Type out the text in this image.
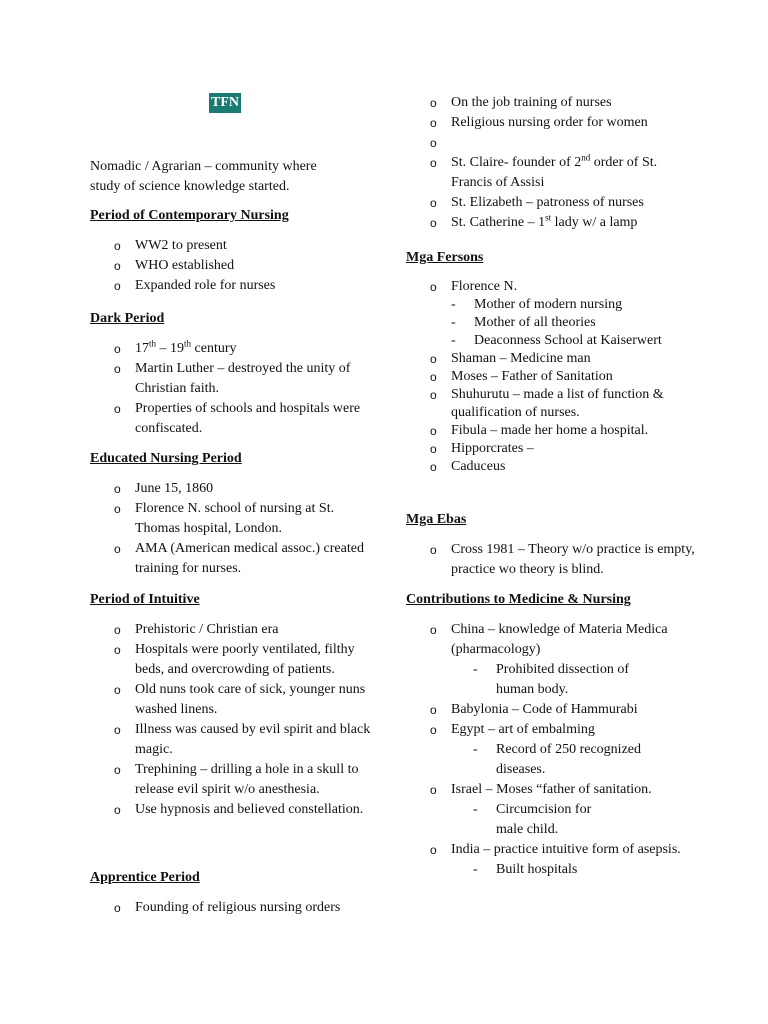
TFN
Nomadic / Agrarian – community where study of science knowledge started.
Period of Contemporary Nursing
o WW2 to present
o WHO established
o Expanded role for nurses
Dark Period
o 17th – 19th century
o Martin Luther – destroyed the unity of Christian faith.
o Properties of schools and hospitals were confiscated.
Educated Nursing Period
o June 15, 1860
o Florence N. school of nursing at St. Thomas hospital, London.
o AMA (American medical assoc.) created training for nurses.
Period of Intuitive
o Prehistoric / Christian era
o Hospitals were poorly ventilated, filthy beds, and overcrowding of patients.
o Old nuns took care of sick, younger nuns washed linens.
o Illness was caused by evil spirit and black magic.
o Trephining – drilling a hole in a skull to release evil spirit w/o anesthesia.
o Use hypnosis and believed constellation.
Apprentice Period
o Founding of religious nursing orders
o On the job training of nurses
o Religious nursing order for women
o
o St. Claire- founder of 2nd order of St. Francis of Assisi
o St. Elizabeth – patroness of nurses
o St. Catherine – 1st lady w/ a lamp
Mga Fersons
o Florence N.
- Mother of modern nursing
- Mother of all theories
- Deaconness School at Kaiserwert
o Shaman – Medicine man
o Moses – Father of Sanitation
o Shuhurutu – made a list of function & qualification of nurses.
o Fibula – made her home a hospital.
o Hipporcrates –
o Caduceus
Mga Ebas
o Cross 1981 – Theory w/o practice is empty, practice wo theory is blind.
Contributions to Medicine & Nursing
o China – knowledge of Materia Medica (pharmacology)
- Prohibited dissection of human body.
o Babylonia – Code of Hammurabi
o Egypt – art of embalming
- Record of 250 recognized diseases.
o Israel – Moses “father of sanitation.
- Circumcision for male child.
o India – practice intuitive form of asepsis.
- Built hospitals
